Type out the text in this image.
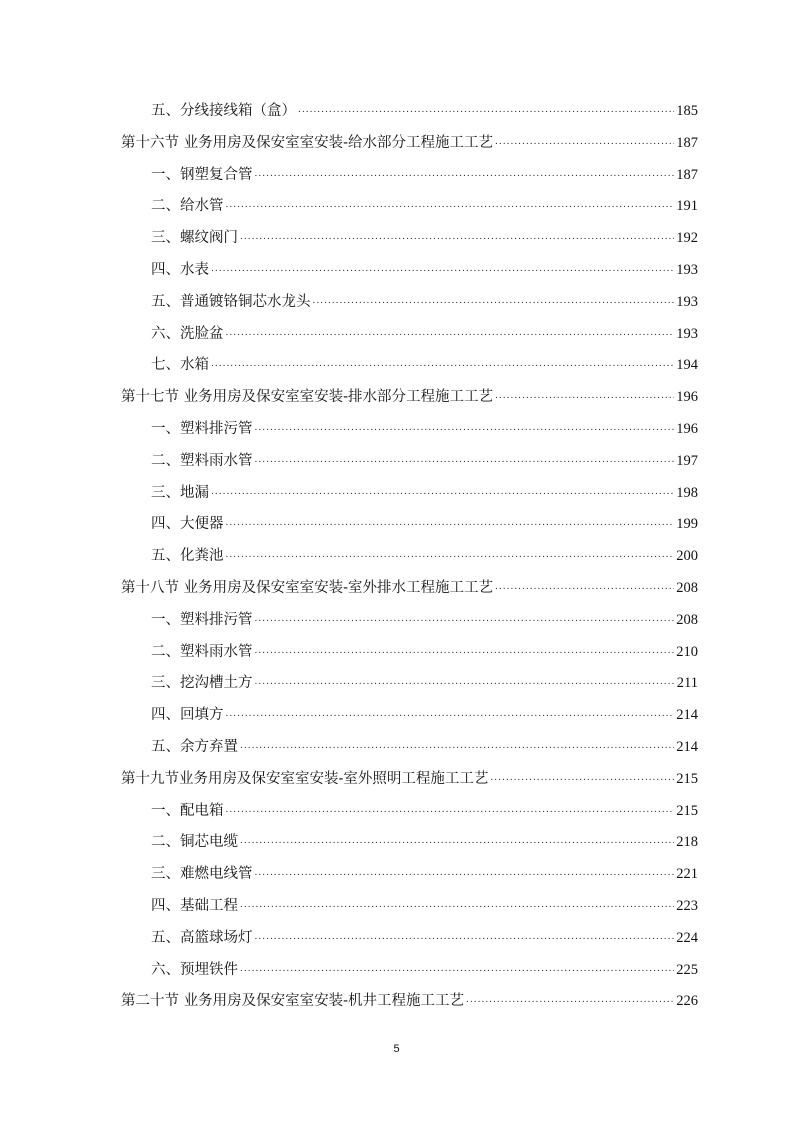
五、分线接线箱（盒） .....	185
第十六节 业务用房及保安室室安装-给水部分工程施工工艺 .....	187
一、钢塑复合管 .....	187
二、给水管 .....	191
三、螺纹阀门 .....	192
四、水表 .....	193
五、普通镀铬铜芯水龙头 .....	193
六、洗脸盆 .....	193
七、水箱 .....	194
第十七节 业务用房及保安室室安装-排水部分工程施工工艺 .....	196
一、塑料排污管 .....	196
二、塑料雨水管 .....	197
三、地漏 .....	198
四、大便器 .....	199
五、化粪池 .....	200
第十八节 业务用房及保安室室安装-室外排水工程施工工艺 .....	208
一、塑料排污管 .....	208
二、塑料雨水管 .....	210
三、挖沟槽土方 .....	211
四、回填方 .....	214
五、余方弃置 .....	214
第十九节业务用房及保安室室安装-室外照明工程施工工艺 .....	215
一、配电箱 .....	215
二、铜芯电缆 .....	218
三、难燃电线管 .....	221
四、基础工程 .....	223
五、高篮球场灯 .....	224
六、预埋铁件 .....	225
第二十节 业务用房及保安室室安装-机井工程施工工艺 .....	226
5
